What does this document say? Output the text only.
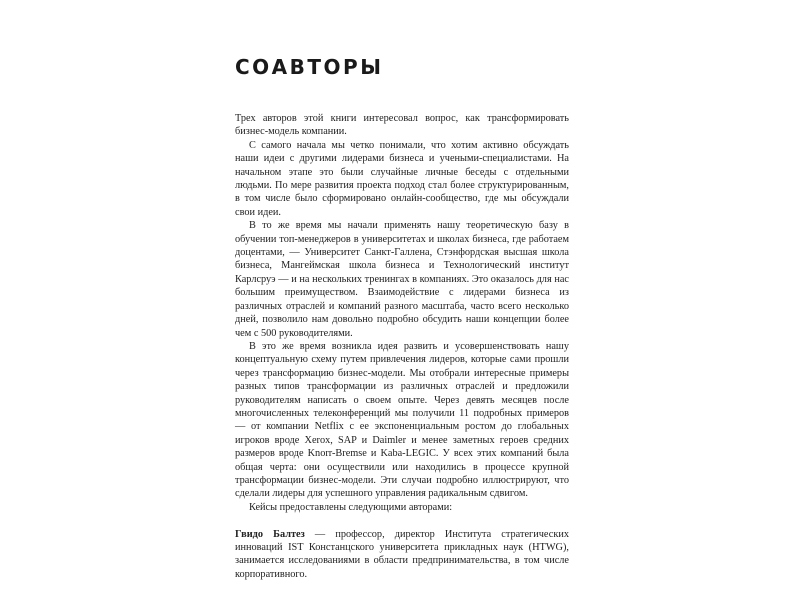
СОАВТОРЫ

Трех авторов этой книги интересовал вопрос, как трансформировать бизнес-модель компании.

С самого начала мы четко понимали, что хотим активно обсуждать наши идеи с другими лидерами бизнеса и учеными-специалистами. На начальном этапе это были случайные личные беседы с отдельными людьми. По мере развития проекта подход стал более структурированным, в том числе было сформировано онлайн-сообщество, где мы обсуждали свои идеи.

В то же время мы начали применять нашу теоретическую базу в обучении топ-менеджеров в университетах и школах бизнеса, где работаем доцентами, — Университет Санкт-Галлена, Стэнфордская высшая школа бизнеса, Мангеймская школа бизнеса и Технологический институт Карлсруэ — и на нескольких тренингах в компаниях. Это оказалось для нас большим преимуществом. Взаимодействие с лидерами бизнеса из различных отраслей и компаний разного масштаба, часто всего несколько дней, позволило нам довольно подробно обсудить наши концепции более чем с 500 руководителями.

В это же время возникла идея развить и усовершенствовать нашу концептуальную схему путем привлечения лидеров, которые сами прошли через трансформацию бизнес-модели. Мы отобрали интересные примеры разных типов трансформации из различных отраслей и предложили руководителям написать о своем опыте. Через девять месяцев после многочисленных телеконференций мы получили 11 подробных примеров — от компании Netflix с ее экспоненциальным ростом до глобальных игроков вроде Xerox, SAP и Daimler и менее заметных героев средних размеров вроде Knorr-Bremse и Kaba-LEGIC. У всех этих компаний была общая черта: они осуществили или находились в процессе крупной трансформации бизнес-модели. Эти случаи подробно иллюстрируют, что сделали лидеры для успешного управления радикальным сдвигом.

Кейсы предоставлены следующими авторами:

Гвидо Балтез — профессор, директор Института стратегических инноваций IST Констанцского университета прикладных наук (HTWG), занимается исследованиями в области предпринимательства, в том числе корпоративного.
